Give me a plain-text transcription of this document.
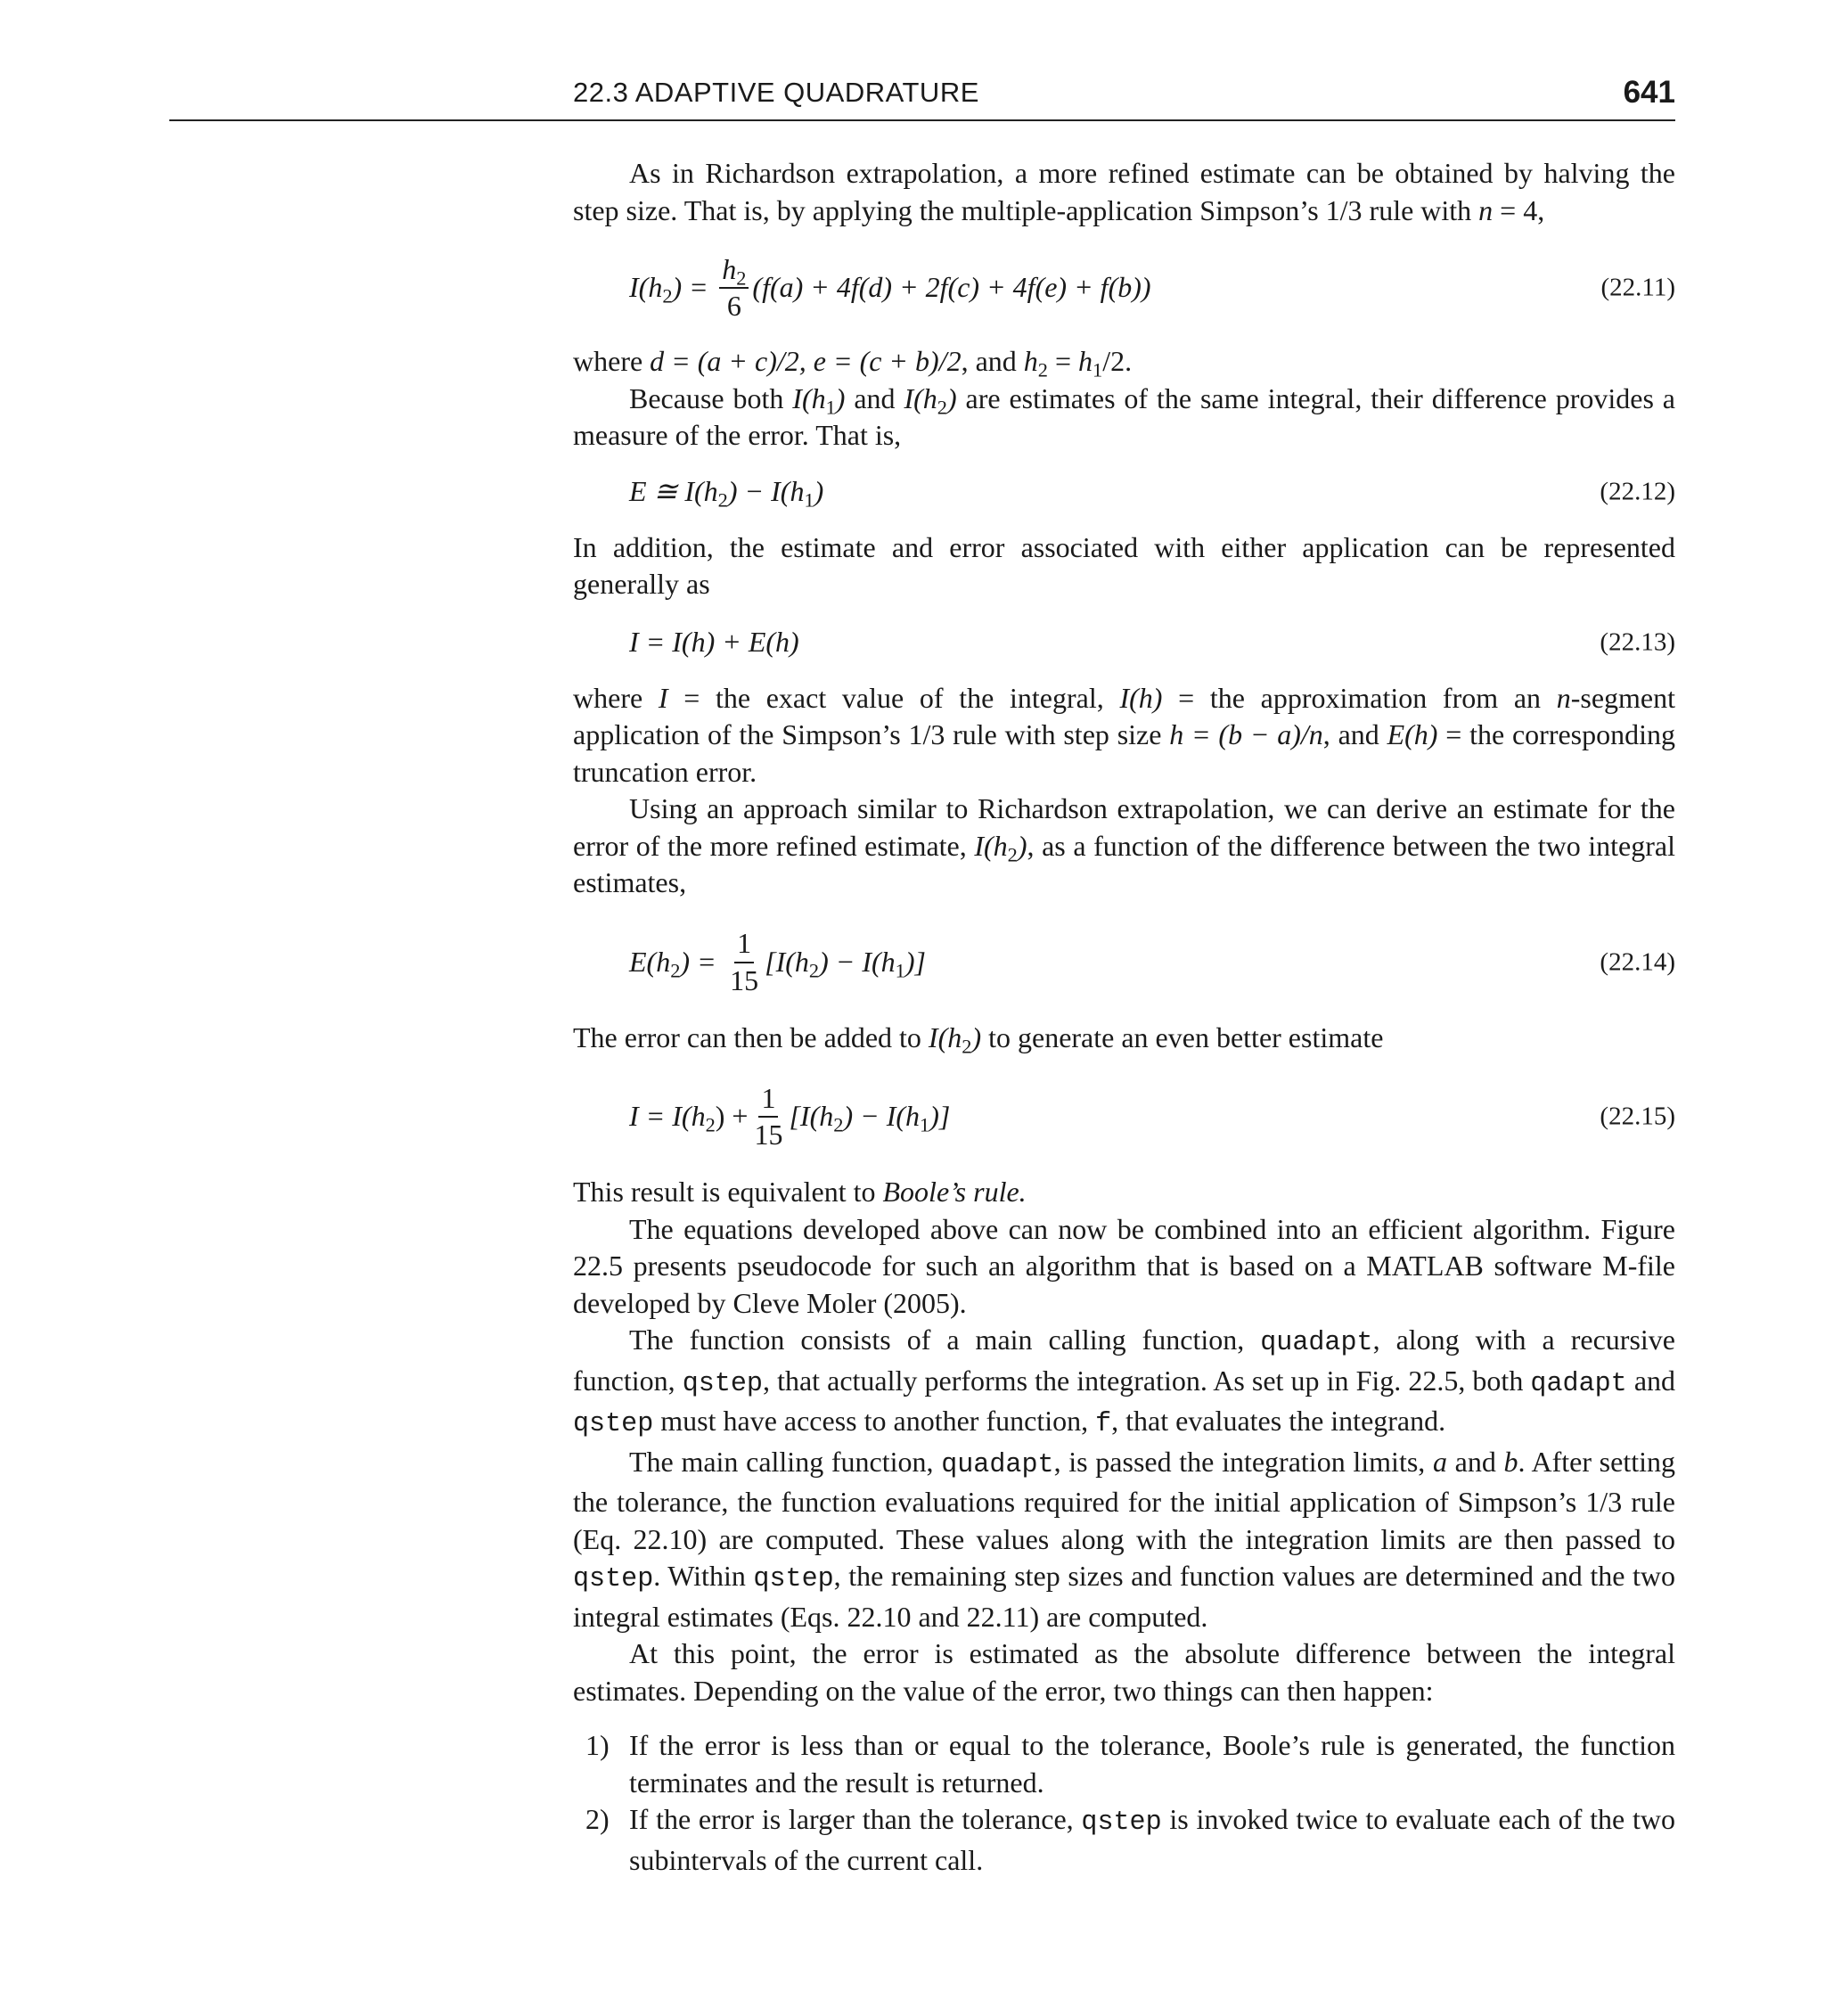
22.3 ADAPTIVE QUADRATURE	641

As in Richardson extrapolation, a more refined estimate can be obtained by halving the step size. That is, by applying the multiple-application Simpson’s 1/3 rule with n = 4,

$I(h_2) = \frac{h_2}{6} (f(a) + 4f(d) + 2f(c) + 4f(e) + f(b))$	(22.11)

where d = (a + c)/2, e = (c + b)/2, and $h_2 = h_1/2$.

Because both $I(h_1)$ and $I(h_2)$ are estimates of the same integral, their difference provides a measure of the error. That is,

E ≅ $I(h_2) - I(h_1)$	(22.12)

In addition, the estimate and error associated with either application can be represented generally as

I = I(h) + E(h)	(22.13)

where I = the exact value of the integral, I(h) = the approximation from an n-segment application of the Simpson’s 1/3 rule with step size h = (b − a)/n, and E(h) = the corresponding truncation error.

Using an approach similar to Richardson extrapolation, we can derive an estimate for the error of the more refined estimate, $I(h_2)$, as a function of the difference between the two integral estimates,

$E(h_2) = \frac{1}{15} [I(h_2) - I(h_1)]$	(22.14)

The error can then be added to $I(h_2)$ to generate an even better estimate

$I = I(h_2) + \frac{1}{15} [I(h_2) - I(h_1)]$	(22.15)

This result is equivalent to Boole’s rule.

The equations developed above can now be combined into an efficient algorithm. Figure 22.5 presents pseudocode for such an algorithm that is based on a MATLAB software M-file developed by Cleve Moler (2005).

The function consists of a main calling function, quadapt, along with a recursive function, qstep, that actually performs the integration. As set up in Fig. 22.5, both qadapt and qstep must have access to another function, f, that evaluates the integrand.

The main calling function, quadapt, is passed the integration limits, a and b. After setting the tolerance, the function evaluations required for the initial application of Simpson’s 1/3 rule (Eq. 22.10) are computed. These values along with the integration limits are then passed to qstep. Within qstep, the remaining step sizes and function values are determined and the two integral estimates (Eqs. 22.10 and 22.11) are computed.

At this point, the error is estimated as the absolute difference between the integral estimates. Depending on the value of the error, two things can then happen:

1) If the error is less than or equal to the tolerance, Boole’s rule is generated, the function terminates and the result is returned.
2) If the error is larger than the tolerance, qstep is invoked twice to evaluate each of the two subintervals of the current call.
